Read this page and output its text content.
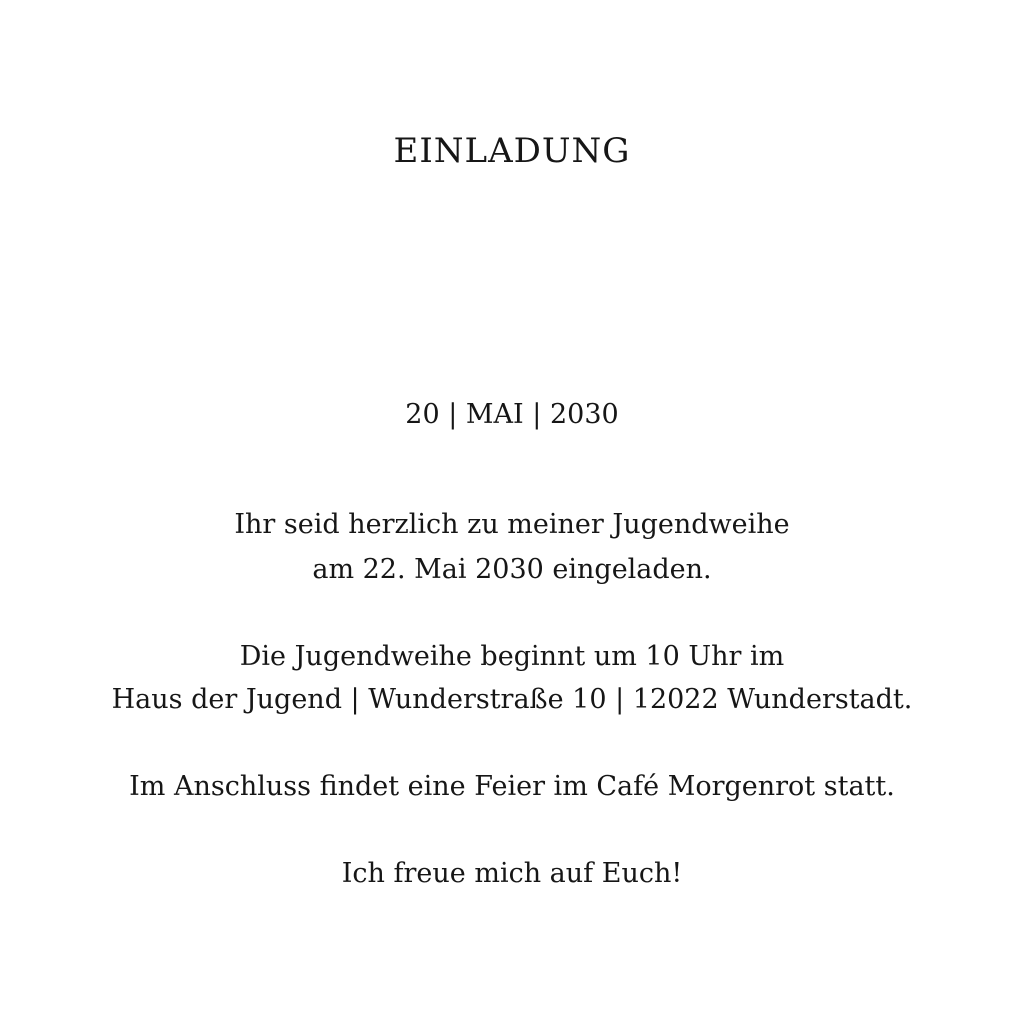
EINLADUNG
20 | MAI | 2030
Ihr seid herzlich zu meiner Jugendweihe
am 22. Mai 2030 eingeladen.
Die Jugendweihe beginnt um 10 Uhr im
Haus der Jugend | Wunderstraße 10 | 12022 Wunderstadt.
Im Anschluss findet eine Feier im Café Morgenrot statt.
Ich freue mich auf Euch!
